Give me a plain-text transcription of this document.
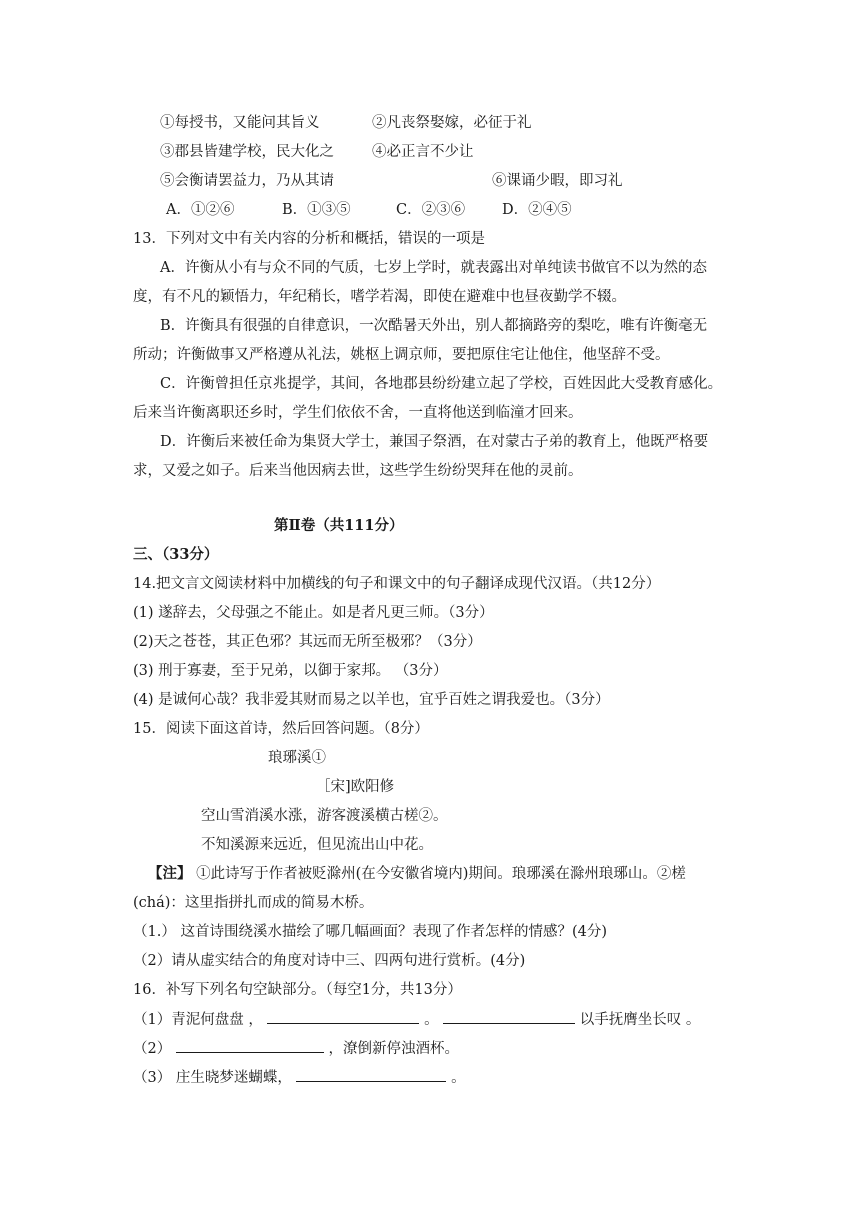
①每授书，又能问其旨义	②凡丧祭娶嫁，必征于礼
③郡县皆建学校，民大化之	④必正言不少让
⑤会衡请罢益力，乃从其请	⑥课诵少暇，即习礼
A．①②⑥	B．①③⑤	C．②③⑥	D．②④⑤
13．下列对文中有关内容的分析和概括，错误的一项是
A．许衡从小有与众不同的气质，七岁上学时，就表露出对单纯读书做官不以为然的态
度，有不凡的颖悟力，年纪稍长，嗜学若渴，即使在避难中也昼夜勤学不辍。
B．许衡具有很强的自律意识，一次酷暑天外出，别人都摘路旁的梨吃，唯有许衡毫无
所动；许衡做事又严格遵从礼法，姚枢上调京师，要把原住宅让他住，他坚辞不受。
C．许衡曾担任京兆提学，其间，各地郡县纷纷建立起了学校，百姓因此大受教育感化。
后来当许衡离职还乡时，学生们依依不舍，一直将他送到临潼才回来。
D．许衡后来被任命为集贤大学士，兼国子祭酒，在对蒙古子弟的教育上，他既严格要
求，又爱之如子。后来当他因病去世，这些学生纷纷哭拜在他的灵前。
第Ⅱ卷（共111分）
三、（33分）
14.把文言文阅读材料中加横线的句子和课文中的句子翻译成现代汉语。（共12分）
(1) 遂辞去，父母强之不能止。如是者凡更三师。（3分）
(2)天之苍苍，其正色邪？其远而无所至极邪？（3分）
(3) 刑于寡妻，至于兄弟，以御于家邦。 （3分）
(4) 是诚何心哉？我非爱其财而易之以羊也，宜乎百姓之谓我爱也。（3分）
15．阅读下面这首诗，然后回答问题。（8分）
琅琊溪①
［宋]欧阳修
空山雪消溪水涨，游客渡溪横古槎②。
不知溪源来远近，但见流出山中花。
【注】 ①此诗写于作者被贬滁州(在今安徽省境内)期间。琅琊溪在滁州琅琊山。②槎
(chá)：这里指拼扎而成的简易木桥。
（1.） 这首诗围绕溪水描绘了哪几幅画面？表现了作者怎样的情感？(4分)
（2）请从虚实结合的角度对诗中三、四两句进行赏析。(4分)
16．补写下列名句空缺部分。（每空1分，共13分）
（1）青泥何盘盘 ，	。	以手抚膺坐长叹 。
（2）	，潦倒新停浊酒杯。
（3） 庄生晓梦迷蝴蝶，	。
